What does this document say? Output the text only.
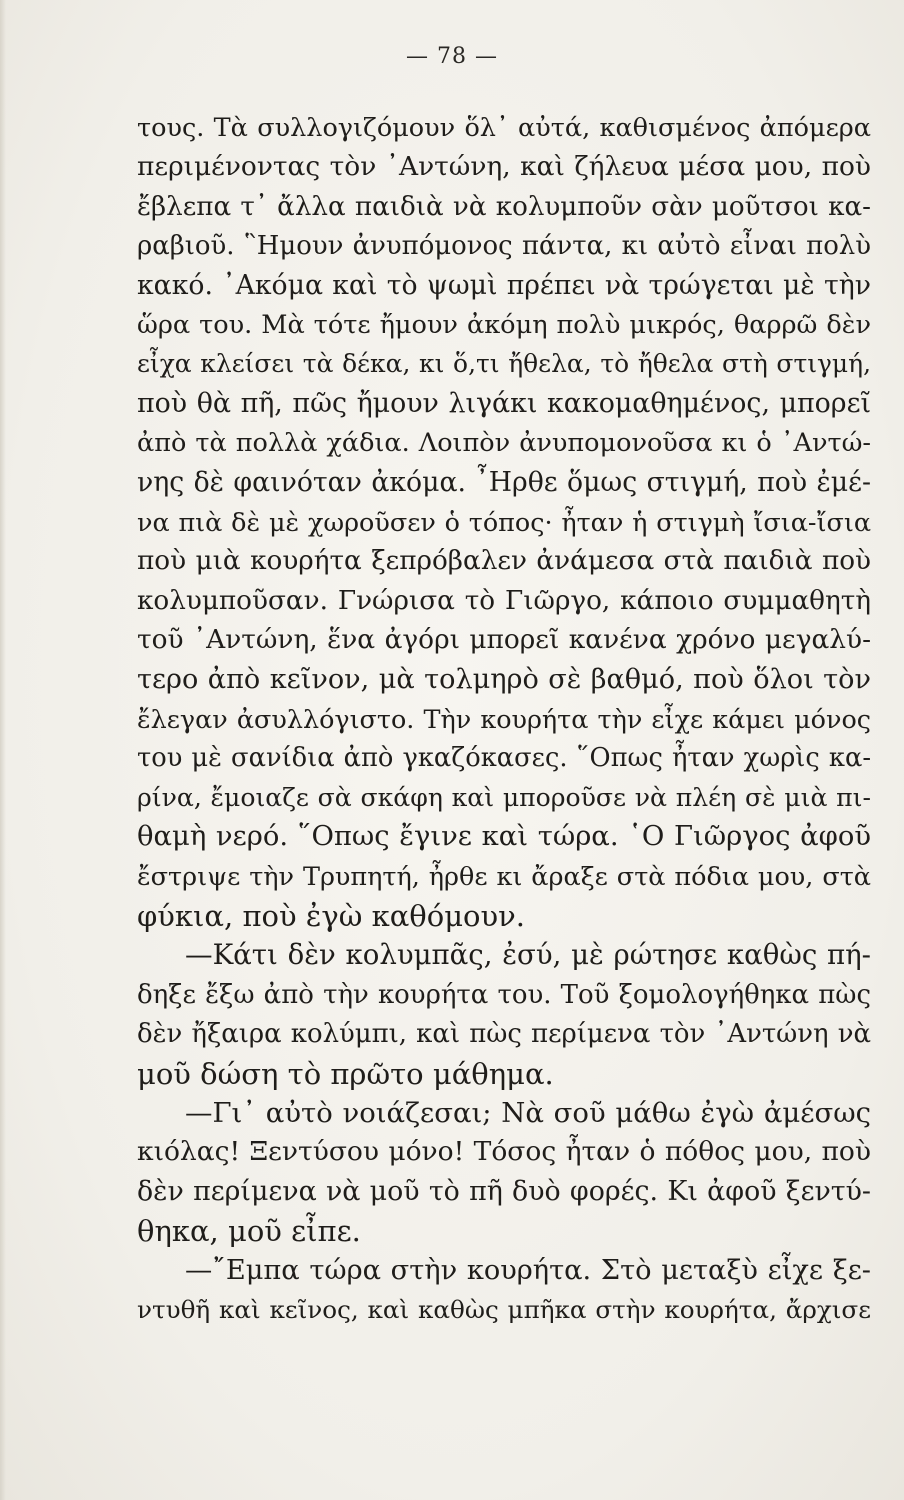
— 78 —
τους. Τὰ συλλογιζόμουν ὅλ᾽ αὐτά, καθισμένος ἀπόμερα
περιμένοντας τὸν ᾽Αντώνη, καὶ ζήλευα μέσα μου, ποὺ
ἔβλεπα τ᾽ ἄλλα παιδιὰ νὰ κολυμποῦν σὰν μοῦτσοι κα-
ραβιοῦ. ῝Ημουν ἀνυπόμονος πάντα, κι αὐτὸ εἶναι πολὺ
κακό. ᾽Ακόμα καὶ τὸ ψωμὶ πρέπει νὰ τρώγεται μὲ τὴν
ὥρα του. Μὰ τότε ἤμουν ἀκόμη πολὺ μικρός, θαρρῶ δὲν
εἶχα κλείσει τὰ δέκα, κι ὅ,τι ἤθελα, τὸ ἤθελα στὴ στιγμή,
ποὺ θὰ πῆ, πῶς ἤμουν λιγάκι κακομαθημένος, μπορεῖ
ἀπὸ τὰ πολλὰ χάδια. Λοιπὸν ἀνυπομονοῦσα κι ὁ ᾽Αντώ-
νης δὲ φαινόταν ἀκόμα. ῏Ηρθε ὅμως στιγμή, ποὺ ἐμέ-
να πιὰ δὲ μὲ χωροῦσεν ὁ τόπος· ἦταν ἡ στιγμὴ ἴσια-ἴσια
ποὺ μιὰ κουρήτα ξεπρόβαλεν ἀνάμεσα στὰ παιδιὰ ποὺ
κολυμποῦσαν. Γνώρισα τὸ Γιῶργο, κάποιο συμμαθητὴ
τοῦ ᾽Αντώνη, ἕνα ἀγόρι μπορεῖ κανένα χρόνο μεγαλύ-
τερο ἀπὸ κεῖνον, μὰ τολμηρὸ σὲ βαθμό, ποὺ ὅλοι τὸν
ἔλεγαν ἀσυλλόγιστο. Τὴν κουρήτα τὴν εἶχε κάμει μόνος
του μὲ σανίδια ἀπὸ γκαζόκασες. ῞Οπως ἦταν χωρὶς κα-
ρίνα, ἔμοιαζε σὰ σκάφη καὶ μποροῦσε νὰ πλέη σὲ μιὰ πι-
θαμὴ νερό. ῞Οπως ἔγινε καὶ τώρα. ῾Ο Γιῶργος ἀφοῦ
ἔστριψε τὴν Τρυπητή, ἦρθε κι ἄραξε στὰ πόδια μου, στὰ
φύκια, ποὺ ἐγὼ καθόμουν.
—Κάτι δὲν κολυμπᾶς, ἐσύ, μὲ ρώτησε καθὼς πή-
δηξε ἔξω ἀπὸ τὴν κουρήτα του. Τοῦ ξομολογήθηκα πὼς
δὲν ἤξαιρα κολύμπι, καὶ πὼς περίμενα τὸν ᾽Αντώνη νὰ
μοῦ δώση τὸ πρῶτο μάθημα.
—Γι᾽ αὐτὸ νοιάζεσαι; Νὰ σοῦ μάθω ἐγὼ ἀμέσως
κιόλας! Ξεντύσου μόνο! Τόσος ἦταν ὁ πόθος μου, ποὺ
δὲν περίμενα νὰ μοῦ τὸ πῆ δυὸ φορές. Κι ἀφοῦ ξεντύ-
θηκα, μοῦ εἶπε.
—῎Εμπα τώρα στὴν κουρήτα. Στὸ μεταξὺ εἶχε ξε-
ντυθῆ καὶ κεῖνος, καὶ καθὼς μπῆκα στὴν κουρήτα, ἄρχισε
